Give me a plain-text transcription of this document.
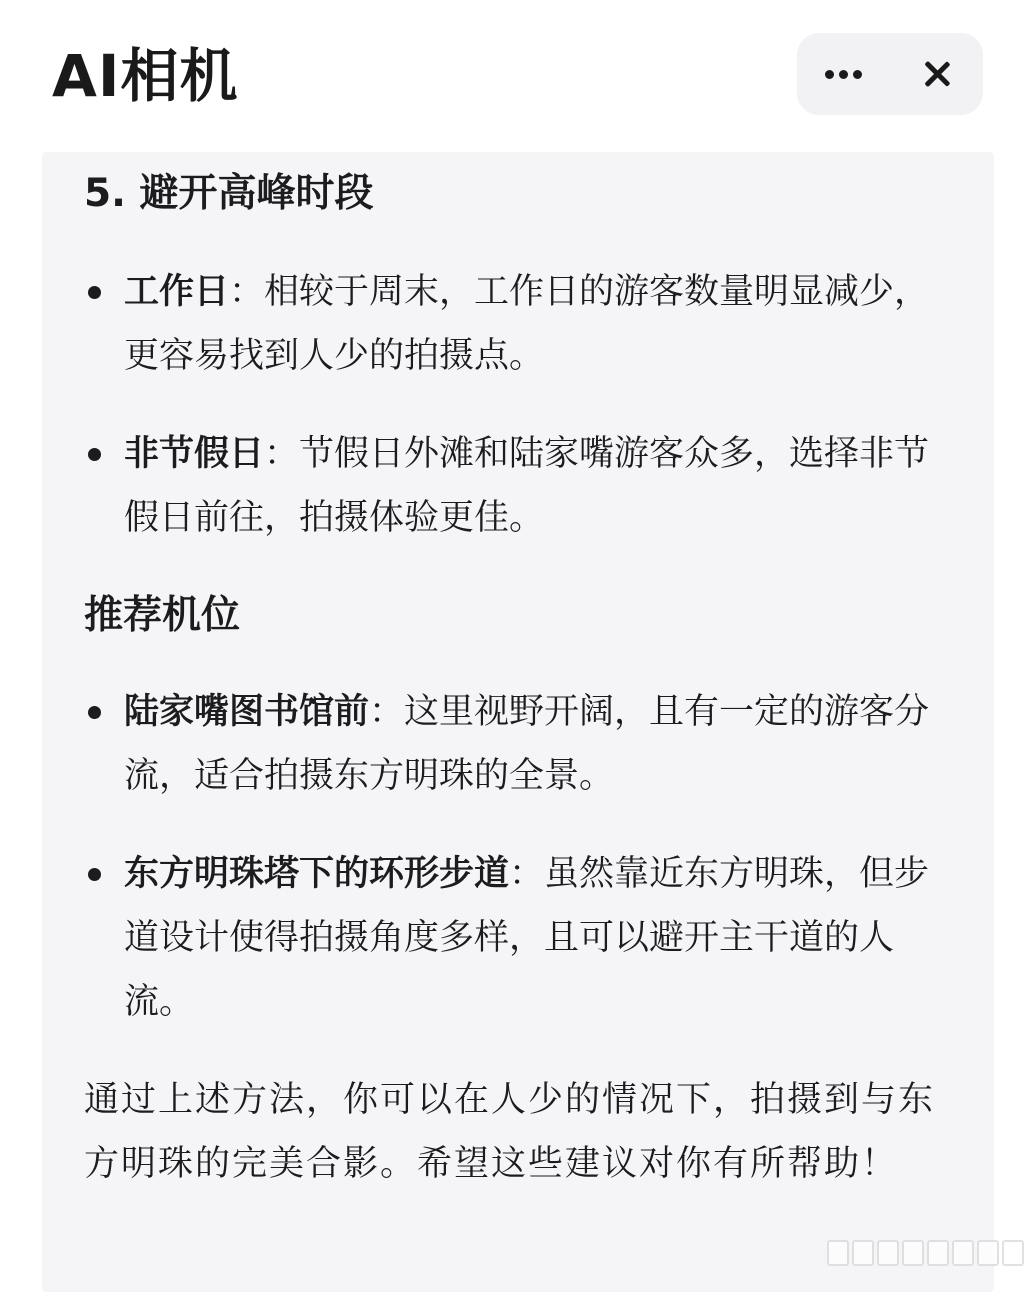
AI相机
5. 避开高峰时段
工作日：相较于周末，工作日的游客数量明显减少，更容易找到人少的拍摄点。
非节假日：节假日外滩和陆家嘴游客众多，选择非节假日前往，拍摄体验更佳。
推荐机位
陆家嘴图书馆前：这里视野开阔，且有一定的游客分流，适合拍摄东方明珠的全景。
东方明珠塔下的环形步道：虽然靠近东方明珠，但步道设计使得拍摄角度多样，且可以避开主干道的人流。

通过上述方法，你可以在人少的情况下，拍摄到与东方明珠的完美合影。希望这些建议对你有所帮助！
